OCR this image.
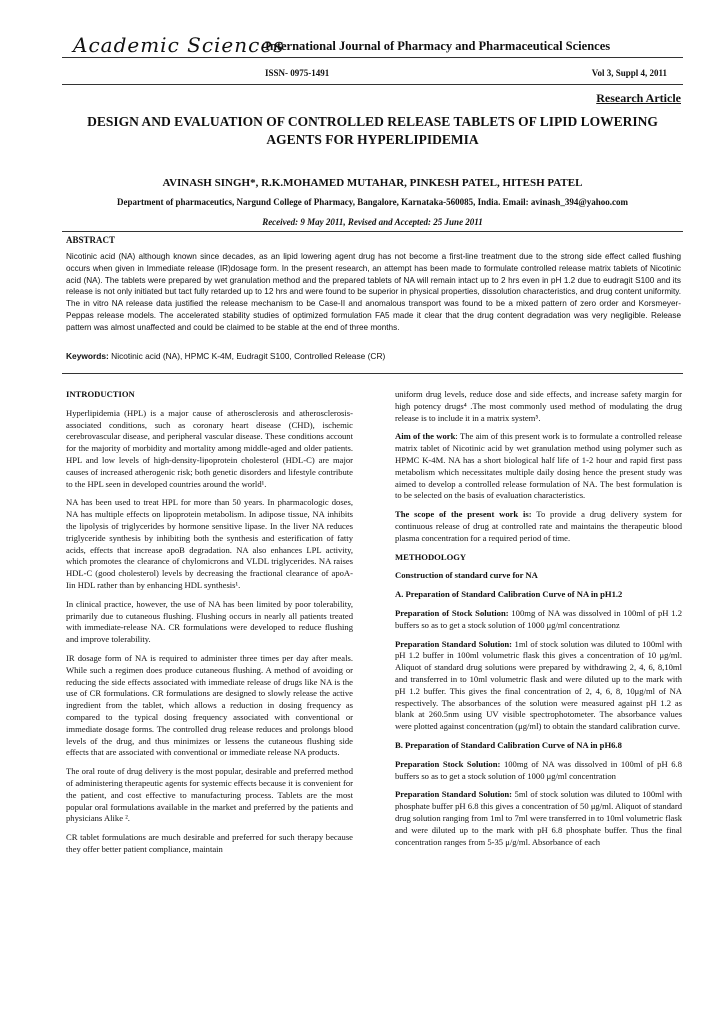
Academic Sciences
International Journal of Pharmacy and Pharmaceutical Sciences
ISSN- 0975-1491	Vol 3, Suppl 4, 2011
Research Article
DESIGN AND EVALUATION OF CONTROLLED RELEASE TABLETS OF LIPID LOWERING AGENTS FOR HYPERLIPIDEMIA
AVINASH SINGH*, R.K.MOHAMED MUTAHAR, PINKESH PATEL, HITESH PATEL
Department of pharmaceutics, Nargund College of Pharmacy, Bangalore, Karnataka-560085, India. Email: avinash_394@yahoo.com
Received: 9 May 2011, Revised and Accepted: 25 June 2011
ABSTRACT
Nicotinic acid (NA) although known since decades, as an lipid lowering agent drug has not become a first-line treatment due to the strong side effect called flushing occurs when given in Immediate release (IR)dosage form. In the present research, an attempt has been made to formulate controlled release matrix tablets of Nicotinic acid (NA). The tablets were prepared by wet granulation method and the prepared tablets of NA will remain intact up to 2 hrs even in pH 1.2 due to eudragit S100 and its release is not only initiated but tact fully retarded up to 12 hrs and were found to be superior in physical properties, dissolution characteristics, and drug content uniformity. The in vitro NA release data justified the release mechanism to be Case-II and anomalous transport was found to be a mixed pattern of zero order and Korsmeyer-Peppas release models. The accelerated stability studies of optimized formulation FA5 made it clear that the drug content degradation was very negligible. Release pattern was almost unaffected and could be claimed to be stable at the end of three months.
Keywords: Nicotinic acid (NA), HPMC K-4M, Eudragit S100, Controlled Release (CR)
INTRODUCTION

Hyperlipidemia (HPL) is a major cause of atherosclerosis and atherosclerosis-associated conditions, such as coronary heart disease (CHD), ischemic cerebrovascular disease, and peripheral vascular disease. These conditions account for the majority of morbidity and mortality among middle-aged and older patients. HPL and low levels of high-density-lipoprotein cholesterol (HDL-C) are major causes of increased atherogenic risk; both genetic disorders and lifestyle contribute to the HPL seen in developed countries around the world¹.

NA has been used to treat HPL for more than 50 years. In pharmacologic doses, NA has multiple effects on lipoprotein metabolism. In adipose tissue, NA inhibits the lipolysis of triglycerides by hormone sensitive lipase. In the liver NA reduces triglyceride synthesis by inhibiting both the synthesis and esterification of fatty acids, effects that increase apoB degradation. NA also enhances LPL activity, which promotes the clearance of chylomicrons and VLDL triglycerides. NA raises HDL-C (good cholesterol) levels by decreasing the fractional clearance of apoA-Iin HDL rather than by enhancing HDL synthesis¹.

In clinical practice, however, the use of NA has been limited by poor tolerability, primarily due to cutaneous flushing. Flushing occurs in nearly all patients treated with immediate-release NA. CR formulations were developed to reduce flushing and improve tolerability.

IR dosage form of NA is required to administer three times per day after meals. While such a regimen does produce cutaneous flushing. A method of avoiding or reducing the side effects associated with immediate release of drugs like NA is the use of CR formulations. CR formulations are designed to slowly release the active ingredient from the tablet, which allows a reduction in dosing frequency as compared to the typical dosing frequency associated with conventional or immediate dosage forms. The controlled drug release reduces and prolongs blood levels of the drug, and thus minimizes or lessens the cutaneous flushing side effects that are associated with conventional or immediate release NA products.

The oral route of drug delivery is the most popular, desirable and preferred method of administering therapeutic agents for systemic effects because it is convenient for the patient, and cost effective to manufacturing process. Tablets are the most popular oral formulations available in the market and preferred by the patients and physicians Alike ².

CR tablet formulations are much desirable and preferred for such therapy because they offer better patient compliance, maintain

uniform drug levels, reduce dose and side effects, and increase safety margin for high potency drugs⁴ .The most commonly used method of modulating the drug release is to include it in a matrix system⁵.

Aim of the work: The aim of this present work is to formulate a controlled release matrix tablet of Nicotinic acid by wet granulation method using polymer such as HPMC K-4M. NA has a short biological half life of 1-2 hour and rapid first pass metabolism which necessitates multiple daily dosing hence the present study was aimed to develop a controlled release formulation of NA. The best formulation is to be selected on the basis of evaluation characteristics.

The scope of the present work is: To provide a drug delivery system for continuous release of drug at controlled rate and maintains the therapeutic blood plasma concentration for a required period of time.

METHODOLOGY
Construction of standard curve for NA
A. Preparation of Standard Calibration Curve of NA in pH1.2

Preparation of Stock Solution: 100mg of NA was dissolved in 100ml of pH 1.2 buffers so as to get a stock solution of 1000 μg/ml concentrationz

Preparation Standard Solution: 1ml of stock solution was diluted to 100ml with pH 1.2 buffer in 100ml volumetric flask this gives a concentration of 10 μg/ml. Aliquot of standard drug solutions were prepared by withdrawing 2, 4, 6, 8,10ml and transferred in to 10ml volumetric flask and were diluted up to the mark with pH 1.2 buffer. This gives the final concentration of 2, 4, 6, 8, 10μg/ml of NA respectively. The absorbances of the solution were measured against pH 1.2 as blank at 260.5nm using UV visible spectrophotometer. The absorbance values were plotted against concentration (μg/ml) to obtain the standard calibration curve.

B. Preparation of Standard Calibration Curve of NA in pH6.8

Preparation Stock Solution: 100mg of NA was dissolved in 100ml of pH 6.8 buffers so as to get a stock solution of 1000 μg/ml concentration

Preparation Standard Solution: 5ml of stock solution was diluted to 100ml with phosphate buffer pH 6.8 this gives a concentration of 50 μg/ml. Aliquot of standard drug solution ranging from 1ml to 7ml were transferred in to 10ml volumetric flask and were diluted up to the mark with pH 6.8 phosphate buffer. Thus the final concentration ranges from 5-35 μ/g/ml. Absorbance of each
